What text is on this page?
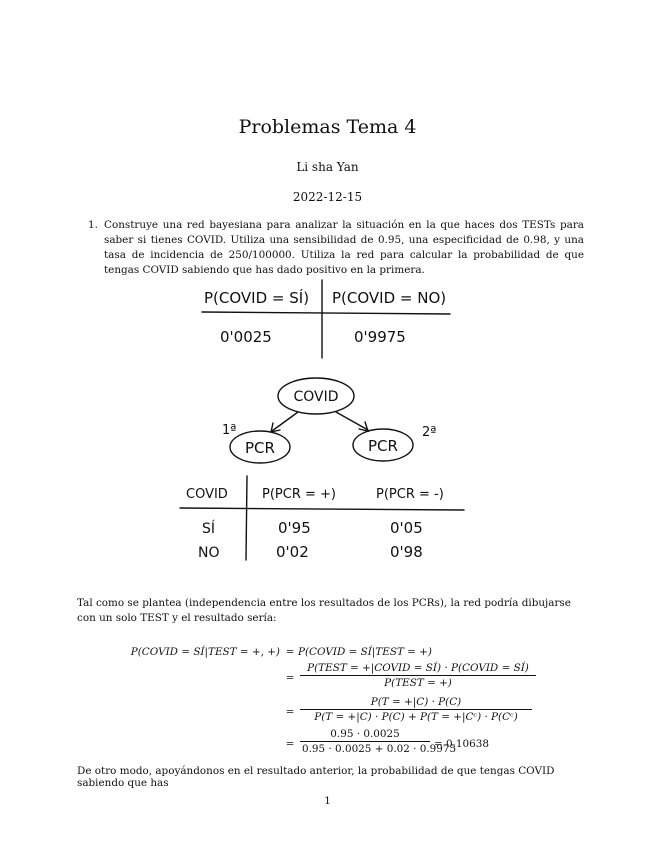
Problemas Tema 4
Li sha Yan
2022-12-15
1. Construye una red bayesiana para analizar la situación en la que haces dos TESTs para saber si tienes COVID. Utiliza una sensibilidad de 0.95, una especificidad de 0.98, y una tasa de incidencia de 250/100000. Utiliza la red para calcular la probabilidad de que tengas COVID sabiendo que has dado positivo en la primera.
P(COVID = SÍ) P(COVID = NO)
0'0025	0'9975
COVID
PCR	PCR
1ª	2ª
COVID	P(PCR = +)	P(PCR = -)
SÍ	0'95	0'05
NO	0'02	0'98
Tal como se plantea (independencia entre los resultados de los PCRs), la red podría dibujarse con un solo TEST y el resultado sería:
P(COVID = SÍ|TEST = +, +) = P(COVID = SÍ|TEST = +)
=
P(TEST = +|COVID = SÍ) · P(COVID = SÍ)
P(TEST = +)
= $\frac{P(T = +|C) \cdot P(C)}{\text{P(T = +|C) · P(C) + P(T = +|Cᶜ) · P(Cᶜ)}}$
= $\frac{0.95 \cdot 0.0025}{0.95 \cdot 0.0025 + 0.02 \cdot 0.9975} = 0.10638$
De otro modo, apoyándonos en el resultado anterior, la probabilidad de que tengas COVID sabiendo que has
1
